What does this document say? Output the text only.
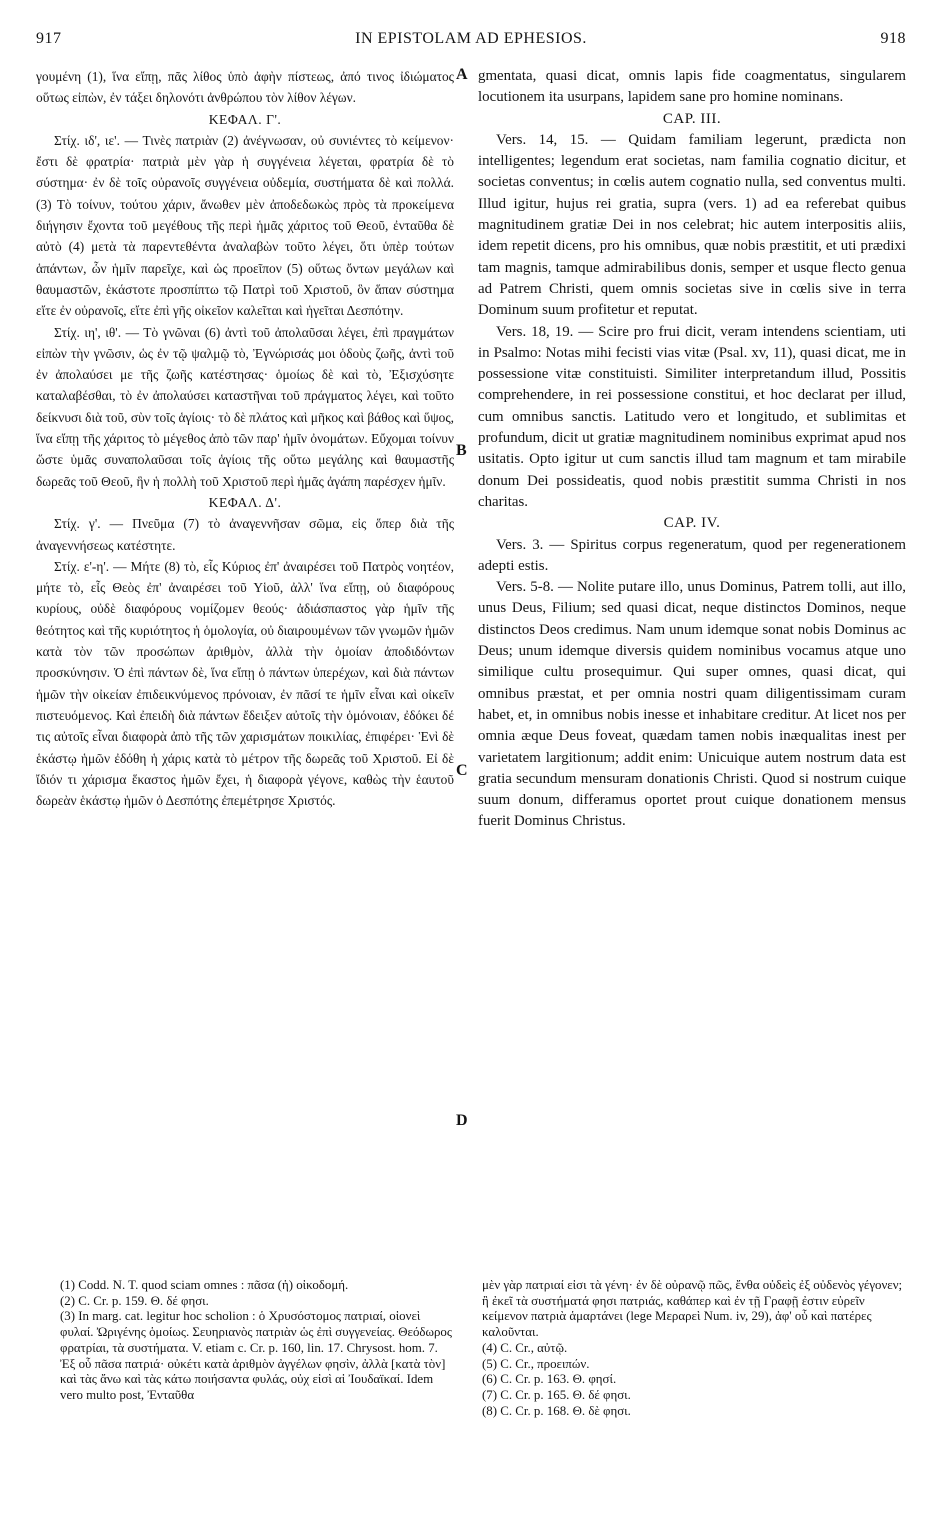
917	IN EPISTOLAM AD EPHESIOS.	918

γουμένη (1), ἵνα εἴπῃ, πᾶς λίθος ὑπὸ ἀφὴν πίστεως, ἀπό τινος ἰδιώματος οὕτως εἰπὼν, ἐν τάξει δηλονότι ἀνθρώπου τὸν λίθον λέγων.

ΚΕΦΑΛ. Γ'.

Στίχ. ιδ', ιε'. — Τινὲς πατριὰν (2) ἀνέγνωσαν, οὐ συνιέντες τὸ κείμενον· ἔστι δὲ φρατρία· πατριὰ μὲν γὰρ ἡ συγγένεια λέγεται, φρατρία δὲ τὸ σύστημα· ἐν δὲ τοῖς οὐρανοῖς συγγένεια οὐδεμία, συστήματα δὲ καὶ πολλά. (3) Τὸ τοίνυν, τούτου χάριν, ἄνωθεν μὲν ἀποδεδωκὼς πρὸς τὰ προκείμενα διήγησιν ἔχοντα τοῦ μεγέθους τῆς περὶ ἡμᾶς χάριτος τοῦ Θεοῦ, ἐνταῦθα δὲ αὐτὸ (4) μετὰ τὰ παρεντεθέντα ἀναλαβὼν τοῦτο λέγει, ὅτι ὑπὲρ τούτων ἁπάντων, ὧν ἡμῖν παρεῖχε, καὶ ὡς προεῖπον (5) οὕτως ὄντων μεγάλων καὶ θαυμαστῶν, ἑκάστοτε προσπίπτω τῷ Πατρὶ τοῦ Χριστοῦ, ὃν ἅπαν σύστημα εἴτε ἐν οὐρανοῖς, εἴτε ἐπὶ γῆς οἰκεῖον καλεῖται καὶ ἡγεῖται Δεσπότην.

Στίχ. ιη', ιθ'. — Τὸ γνῶναι (6) ἀντὶ τοῦ ἀπολαῦσαι λέγει, ἐπὶ πραγμάτων εἰπὼν τὴν γνῶσιν, ὡς ἐν τῷ ψαλμῷ τὸ, Ἐγνώρισάς μοι ὁδοὺς ζωῆς, ἀντὶ τοῦ ἐν ἀπολαύσει με τῆς ζωῆς κατέστησας· ὁμοίως δὲ καὶ τὸ, Ἐξισχύσητε καταλαβέσθαι, τὸ ἐν ἀπολαύσει καταστῆναι τοῦ πράγματος λέγει, καὶ τοῦτο δείκνυσι διὰ τοῦ, σὺν τοῖς ἁγίοις· τὸ δὲ πλάτος καὶ μῆκος καὶ βάθος καὶ ὕψος, ἵνα εἴπῃ τῆς χάριτος τὸ μέγεθος ἀπὸ τῶν παρ' ἡμῖν ὀνομάτων. Εὔχομαι τοίνυν ὥστε ὑμᾶς συναπολαῦσαι τοῖς ἁγίοις τῆς οὕτω μεγάλης καὶ θαυμαστῆς δωρεᾶς τοῦ Θεοῦ, ἣν ἡ πολλὴ τοῦ Χριστοῦ περὶ ἡμᾶς ἀγάπη παρέσχεν ἡμῖν.

ΚΕΦΑΛ. Δ'.

Στίχ. γ'. — Πνεῦμα (7) τὸ ἀναγεννῆσαν σῶμα, εἰς ὅπερ διὰ τῆς ἀναγεννήσεως κατέστητε.

Στίχ. ε'-η'. — Μήτε (8) τὸ, εἷς Κύριος ἐπ' ἀναιρέσει τοῦ Πατρὸς νοητέον, μήτε τὸ, εἷς Θεὸς ἐπ' ἀναιρέσει τοῦ Υἱοῦ, ἀλλ' ἵνα εἴπῃ, οὐ διαφόρους κυρίους, οὐδὲ διαφόρους νομίζομεν θεούς· ἀδιάσπαστος γὰρ ἡμῖν τῆς θεότητος καὶ τῆς κυριότητος ἡ ὁμολογία, οὐ διαιρουμένων τῶν γνωμῶν ἡμῶν κατὰ τὸν τῶν προσώπων ἀριθμὸν, ἀλλὰ τὴν ὁμοίαν ἀποδιδόντων προσκύνησιν. Ὁ ἐπὶ πάντων δὲ, ἵνα εἴπῃ ὁ πάντων ὑπερέχων, καὶ διὰ πάντων ἡμῶν τὴν οἰκείαν ἐπιδεικνύμενος πρόνοιαν, ἐν πᾶσί τε ἡμῖν εἶναι καὶ οἰκεῖν πιστευόμενος. Καὶ ἐπειδὴ διὰ πάντων ἔδειξεν αὐτοῖς τὴν ὁμόνοιαν, ἐδόκει δέ τις αὐτοῖς εἶναι διαφορὰ ἀπὸ τῆς τῶν χαρισμάτων ποικιλίας, ἐπιφέρει· Ἑνὶ δὲ ἑκάστῳ ἡμῶν ἐδόθη ἡ χάρις κατὰ τὸ μέτρον τῆς δωρεᾶς τοῦ Χριστοῦ. Εἰ δὲ ἴδιόν τι χάρισμα ἕκαστος ἡμῶν ἔχει, ἡ διαφορὰ γέγονε, καθὼς τὴν ἑαυτοῦ δωρεὰν ἑκάστῳ ἡμῶν ὁ Δεσπότης ἐπεμέτρησε Χριστός.

gmentata, quasi dicat, omnis lapis fide coagmentatus, singularem locutionem ita usurpans, lapidem sane pro homine nominans.

CAP. III.

Vers. 14, 15. — Quidam familiam legerunt, prædicta non intelligentes; legendum erat societas, nam familia cognatio dicitur, et societas conventus; in cœlis autem cognatio nulla, sed conventus multi. Illud igitur, hujus rei gratia, supra (vers. 1) ad ea referebat quibus magnitudinem gratiæ Dei in nos celebrat; hic autem interpositis aliis, idem repetit dicens, pro his omnibus, quæ nobis præstitit, et uti prædixi tam magnis, tamque admirabilibus donis, semper et usque flecto genua ad Patrem Christi, quem omnis societas sive in cœlis sive in terra Dominum suum profitetur et reputat.

Vers. 18, 19. — Scire pro frui dicit, veram intendens scientiam, uti in Psalmo: Notas mihi fecisti vias vitæ (Psal. xv, 11), quasi dicat, me in possessione vitæ constituisti. Similiter interpretandum illud, Possitis comprehendere, in rei possessione constitui, et hoc declarat per illud, cum omnibus sanctis. Latitudo vero et longitudo, et sublimitas et profundum, dicit ut gratiæ magnitudinem nominibus exprimat apud nos usitatis. Opto igitur ut cum sanctis illud tam magnum et tam mirabile donum Dei possideatis, quod nobis præstitit summa Christi in nos charitas.

CAP. IV.

Vers. 3. — Spiritus corpus regeneratum, quod per regenerationem adepti estis.

Vers. 5-8. — Nolite putare illo, unus Dominus, Patrem tolli, aut illo, unus Deus, Filium; sed quasi dicat, neque distinctos Dominos, neque distinctos Deos credimus. Nam unum idemque sonat nobis Dominus ac Deus; unum idemque diversis quidem nominibus vocamus atque uno similique cultu prosequimur. Qui super omnes, quasi dicat, qui omnibus præstat, et per omnia nostri quam diligentissimam curam habet, et, in omnibus nobis inesse et inhabitare creditur. At licet nos per omnia æque Deus foveat, quædam tamen nobis inæqualitas inest per varietatem largitionum; addit enim: Unicuique autem nostrum data est gratia secundum mensuram donationis Christi. Quod si nostrum cuique suum donum, differamus oportet prout cuique donationem mensus fuerit Dominus Christus.

A
B
C
D

(1) Codd. N. T. quod sciam omnes : πᾶσα (ἡ) οἰκοδομή.

(2) C. Cr. p. 159. Θ. δέ φησι.

(3) In marg. cat. legitur hoc scholion : ὁ Χρυσόστομος πατριαί, οἱονεὶ φυλαί. Ὠριγένης ὁμοίως. Σευηριανὸς πατριὰν ὡς ἐπὶ συγγενείας. Θεόδωρος φρατρίαι, τὰ συστήματα. V. etiam c. Cr. p. 160, lin. 17. Chrysost. hom. 7. Ἐξ οὗ πᾶσα πατριά· οὐκέτι κατὰ ἀριθμὸν ἀγγέλων φησὶν, ἀλλὰ [κατὰ τὸν] καὶ τὰς ἄνω καὶ τὰς κάτω ποιήσαντα φυλάς, οὐχ εἰσὶ αἱ Ἰουδαϊκαί. Idem vero multo post, Ἐνταῦθα

μὲν γὰρ πατριαί εἰσι τὰ γένη· ἐν δὲ οὐρανῷ πῶς, ἔνθα οὐδεὶς ἐξ οὐδενὸς γέγονεν; ἢ ἐκεῖ τὰ συστήματά φησι πατριάς, καθάπερ καὶ ἐν τῇ Γραφῇ ἐστιν εὑρεῖν κείμενον πατριὰ ἁμαρτάνει (lege Μεραρεὶ Num. iv, 29), ἀφ' οὗ καὶ πατέρες καλοῦνται.

(4) C. Cr., αὐτῷ.

(5) C. Cr., προειπών.

(6) C. Cr. p. 163. Θ. φησί.

(7) C. Cr. p. 165. Θ. δέ φησι.

(8) C. Cr. p. 168. Θ. δὲ φησι.
